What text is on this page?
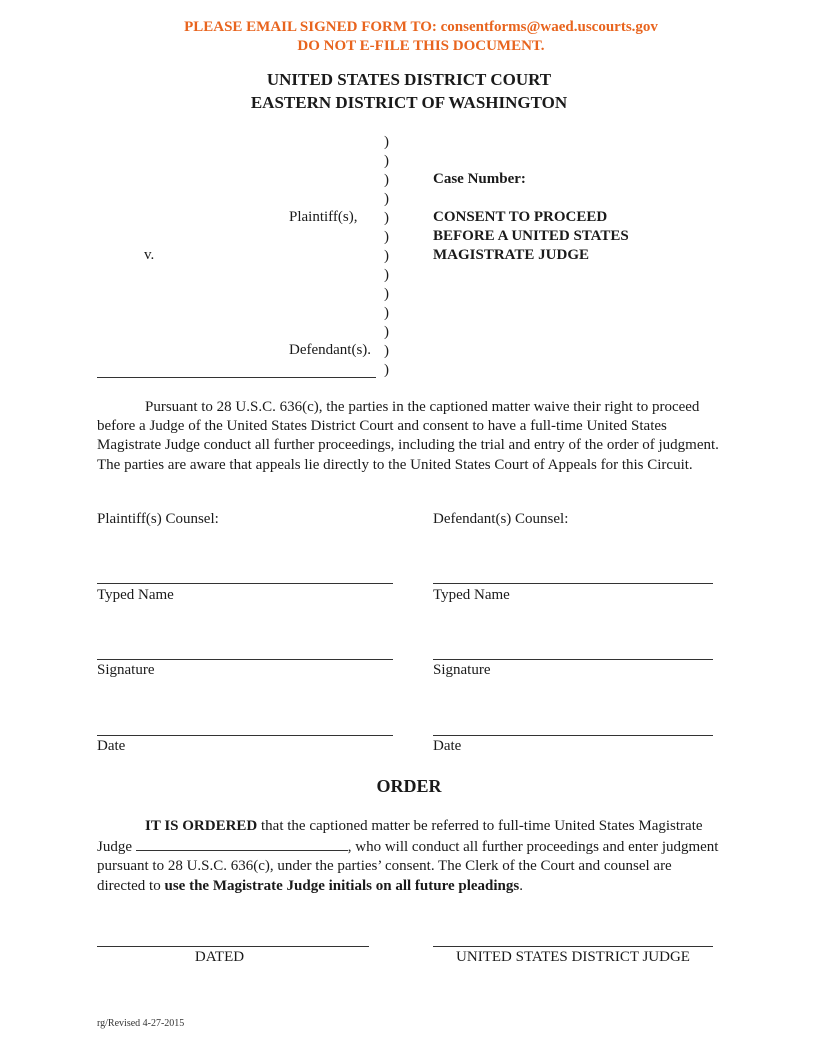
PLEASE EMAIL SIGNED FORM TO: consentforms@waed.uscourts.gov
DO NOT E-FILE THIS DOCUMENT.
UNITED STATES DISTRICT COURT
EASTERN DISTRICT OF WASHINGTON
)
)
)
)
)
)
)
)
)
)
)
)
)
Plaintiff(s),
v.
Defendant(s).
Case Number:
CONSENT TO PROCEED
BEFORE A UNITED STATES
MAGISTRATE JUDGE
Pursuant to 28 U.S.C. 636(c), the parties in the captioned matter waive their right to proceed before a Judge of the United States District Court and consent to have a full-time United States Magistrate Judge conduct all further proceedings, including the trial and entry of the order of judgment. The parties are aware that appeals lie directly to the United States Court of Appeals for this Circuit.
Plaintiff(s) Counsel:	Defendant(s) Counsel:
Typed Name	Typed Name
Signature	Signature
Date	Date
ORDER
IT IS ORDERED that the captioned matter be referred to full-time United States Magistrate Judge	, who will conduct all further proceedings and enter judgment pursuant to 28 U.S.C. 636(c), under the parties’ consent. The Clerk of the Court and counsel are directed to use the Magistrate Judge initials on all future pleadings.
DATED	UNITED STATES DISTRICT JUDGE
rg/Revised 4-27-2015
